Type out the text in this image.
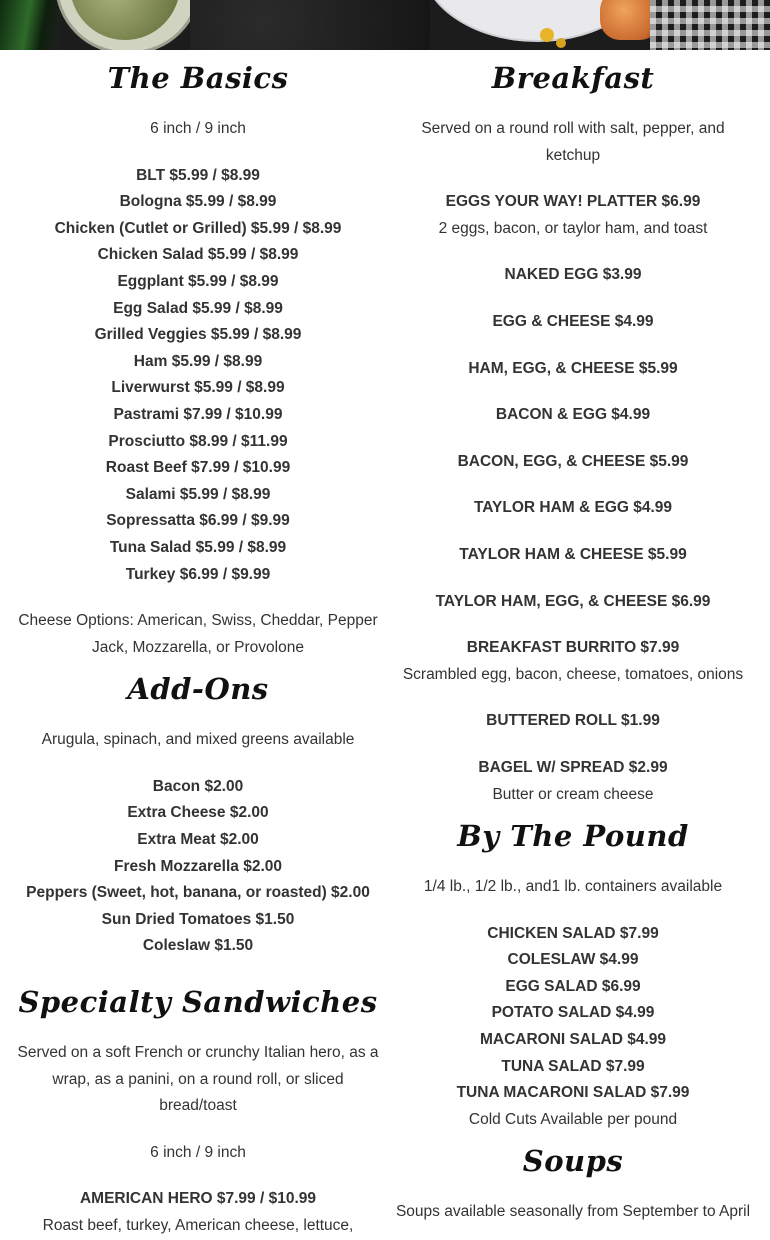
The Basics

6 inch / 9 inch

BLT $5.99 / $8.99

Bologna $5.99 / $8.99

Chicken (Cutlet or Grilled) $5.99 / $8.99

Chicken Salad $5.99 / $8.99

Eggplant $5.99 / $8.99

Egg Salad $5.99 / $8.99

Grilled Veggies $5.99 / $8.99

Ham $5.99 / $8.99

Liverwurst $5.99 / $8.99

Pastrami $7.99 / $10.99

Prosciutto $8.99 / $11.99

Roast Beef $7.99 / $10.99

Salami $5.99 / $8.99

Sopressatta $6.99 / $9.99

Tuna Salad $5.99 / $8.99

Turkey $6.99 / $9.99

Cheese Options: American, Swiss, Cheddar, Pepper

Jack, Mozzarella, or Provolone

Add-Ons

Arugula, spinach, and mixed greens available

Bacon $2.00

Extra Cheese $2.00

Extra Meat $2.00

Fresh Mozzarella $2.00

Peppers (Sweet, hot, banana, or roasted) $2.00

Sun Dried Tomatoes $1.50

Coleslaw $1.50

Specialty Sandwiches

Served on a soft French or crunchy Italian hero, as a

wrap, as a panini, on a round roll, or sliced

bread/toast

6 inch / 9 inch

AMERICAN HERO $7.99 / $10.99

Roast beef, turkey, American cheese, lettuce,

Breakfast

Served on a round roll with salt, pepper, and

ketchup

EGGS YOUR WAY! PLATTER $6.99

2 eggs, bacon, or taylor ham, and toast

NAKED EGG $3.99

EGG & CHEESE $4.99

HAM, EGG, & CHEESE $5.99

BACON & EGG $4.99

BACON, EGG, & CHEESE $5.99

TAYLOR HAM & EGG $4.99

TAYLOR HAM & CHEESE $5.99

TAYLOR HAM, EGG, & CHEESE $6.99

BREAKFAST BURRITO $7.99

Scrambled egg, bacon, cheese, tomatoes, onions

BUTTERED ROLL $1.99

BAGEL W/ SPREAD $2.99

Butter or cream cheese

By The Pound

1/4 lb., 1/2 lb., and1 lb. containers available

CHICKEN SALAD $7.99

COLESLAW $4.99

EGG SALAD $6.99

POTATO SALAD $4.99

MACARONI SALAD $4.99

TUNA SALAD $7.99

TUNA MACARONI SALAD $7.99

Cold Cuts Available per pound

Soups

Soups available seasonally from September to April
